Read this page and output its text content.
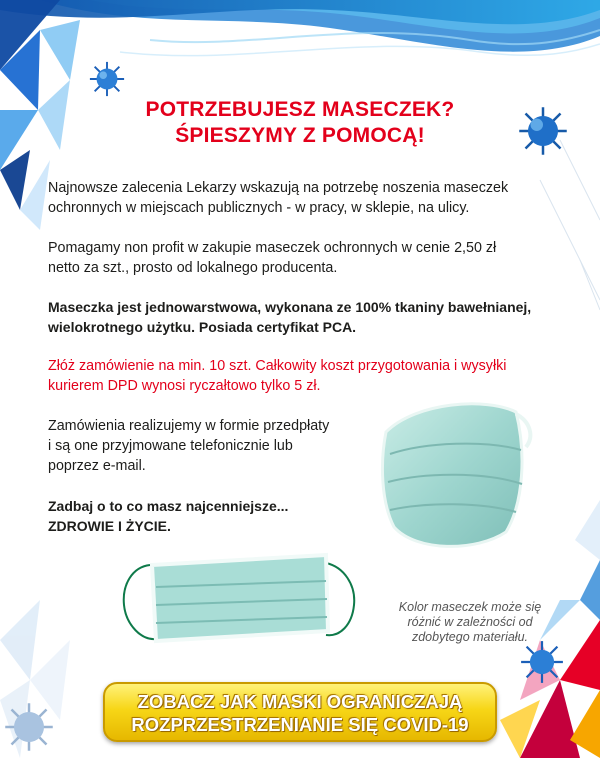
POTRZEBUJESZ MASECZEK?
ŚPIESZYMY Z POMOCĄ!

Najnowsze zalecenia Lekarzy wskazują na potrzebę noszenia maseczek
ochronnych w miejscach publicznych - w pracy, w sklepie, na ulicy.

Pomagamy non profit w zakupie maseczek ochronnych w cenie 2,50 zł
netto za szt., prosto od lokalnego producenta.

Maseczka jest jednowarstwowa, wykonana ze 100% tkaniny bawełnianej,
wielokrotnego użytku. Posiada certyfikat PCA.

Złóż zamówienie na min. 10 szt. Całkowity koszt przygotowania i wysyłki
kurierem DPD wynosi ryczałtowo tylko 5 zł.

Zamówienia realizujemy w formie przedpłaty
i są one przyjmowane telefonicznie lub
poprzez e-mail.

Zadbaj o to co masz najcenniejsze...
ZDROWIE I ŻYCIE.

Kolor maseczek może się
różnić w zależności od
zdobytego materiału.
ZOBACZ JAK MASKI OGRANICZAJĄ
ROZPRZESTRZENIANIE SIĘ COVID-19
